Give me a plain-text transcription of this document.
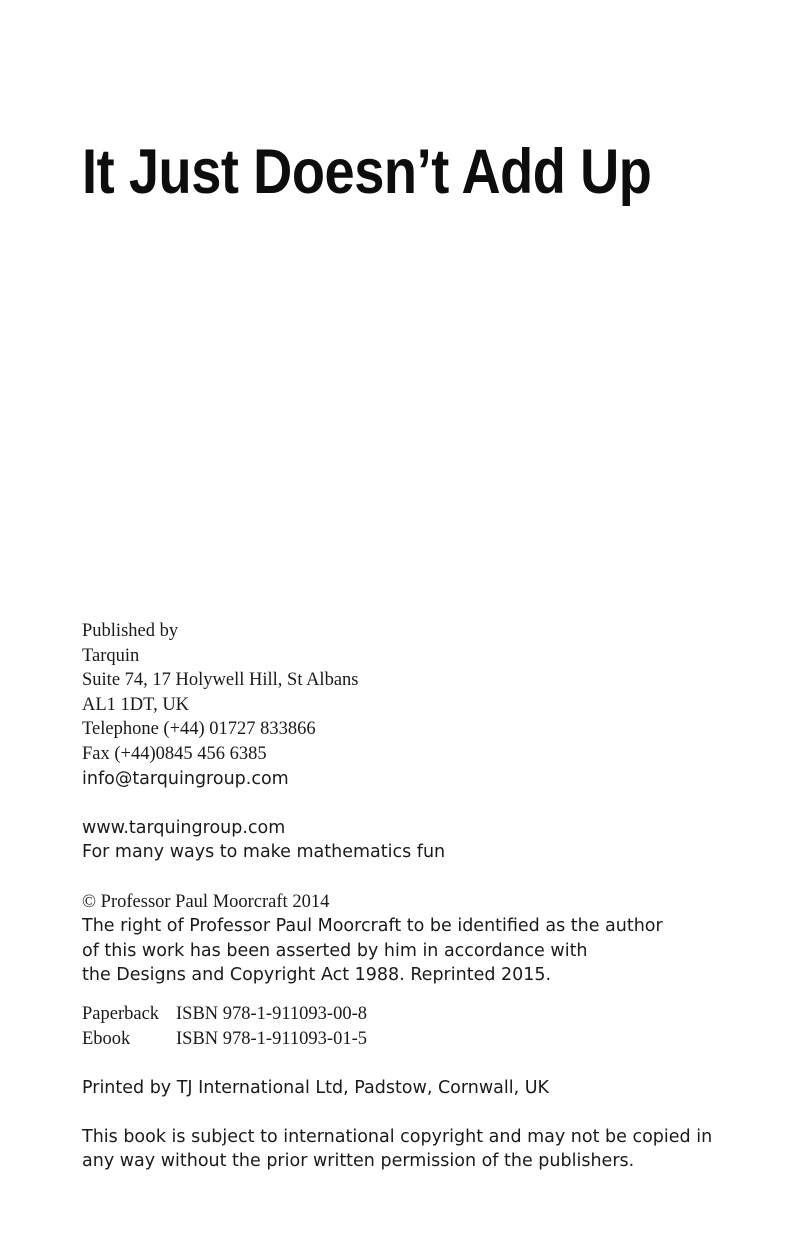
It Just Doesn’t Add Up
Published by
Tarquin
Suite 74, 17 Holywell Hill, St Albans
AL1 1DT, UK
Telephone (+44) 01727 833866
Fax (+44)0845 456 6385
info@tarquingroup.com
www.tarquingroup.com
For many ways to make mathematics fun
© Professor Paul Moorcraft 2014
The right of Professor Paul Moorcraft to be identified as the author
of this work has been asserted by him in accordance with
the Designs and Copyright Act 1988. Reprinted 2015.
Paperback ISBN 978-1-911093-00-8
Ebook	ISBN 978-1-911093-01-5
Printed by TJ International Ltd, Padstow, Cornwall, UK
This book is subject to international copyright and may not be copied in
any way without the prior written permission of the publishers.
